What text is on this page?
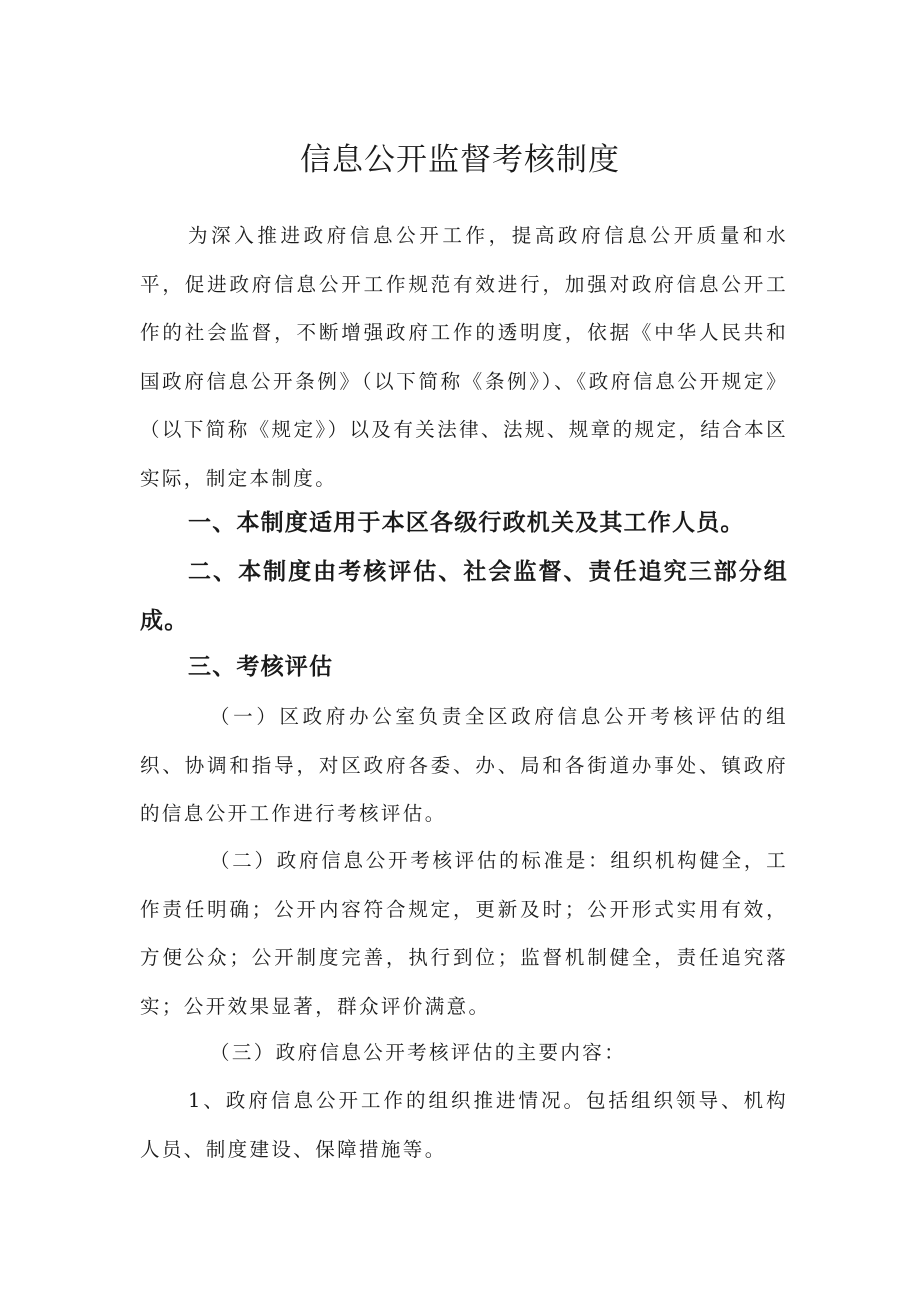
信息公开监督考核制度

为深入推进政府信息公开工作，提高政府信息公开质量和水平，促进政府信息公开工作规范有效进行，加强对政府信息公开工作的社会监督，不断增强政府工作的透明度，依据《中华人民共和国政府信息公开条例》（以下简称《条例》）、《政府信息公开规定》（以下简称《规定》）以及有关法律、法规、规章的规定，结合本区实际，制定本制度。

一、本制度适用于本区各级行政机关及其工作人员。

二、本制度由考核评估、社会监督、责任追究三部分组成。

三、考核评估

（一）区政府办公室负责全区政府信息公开考核评估的组织、协调和指导，对区政府各委、办、局和各街道办事处、镇政府的信息公开工作进行考核评估。

（二）政府信息公开考核评估的标准是：组织机构健全，工作责任明确；公开内容符合规定，更新及时；公开形式实用有效，方便公众；公开制度完善，执行到位；监督机制健全，责任追究落实；公开效果显著，群众评价满意。

（三）政府信息公开考核评估的主要内容：

1、政府信息公开工作的组织推进情况。包括组织领导、机构人员、制度建设、保障措施等。
